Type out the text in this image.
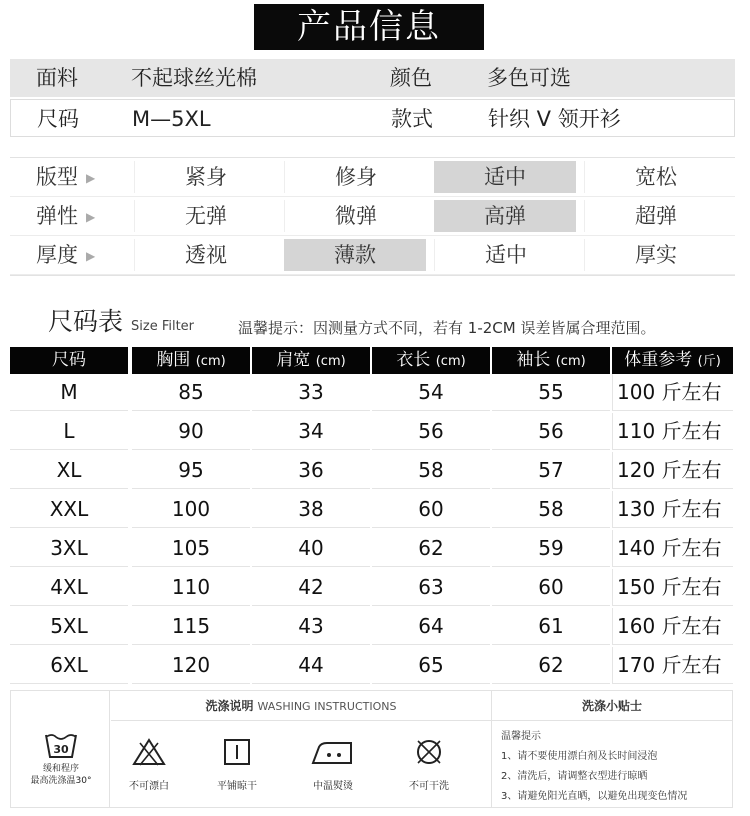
产品信息
面料	不起球丝光棉	颜色	多色可选
尺码	M—5XL	款式	针织 V 领开衫
版型 ▶	紧身	修身	适中	宽松
弹性 ▶	无弹	微弹	高弹	超弹
厚度 ▶	透视	薄款	适中	厚实
尺码表 Size Filter	温馨提示：因测量方式不同，若有 1-2CM 误差皆属合理范围。
尺码	胸围 (cm)	肩宽 (cm)	衣长 (cm)	袖长 (cm)	体重参考 (斤)
M	85	33	54	55	100 斤左右
L	90	34	56	56	110 斤左右
XL	95	36	58	57	120 斤左右
XXL	100	38	60	58	130 斤左右
3XL	105	40	62	59	140 斤左右
4XL	110	42	63	60	150 斤左右
5XL	115	43	64	61	160 斤左右
6XL	120	44	65	62	170 斤左右
洗涤说明 WASHING INSTRUCTIONS	洗涤小贴士
30
缓和程序
最高洗涤温30°	不可漂白	平铺晾干	中温熨烫	不可干洗
温馨提示
1、请不要使用漂白剂及长时间浸泡
2、清洗后，请调整衣型进行晾晒
3、请避免阳光直晒，以避免出现变色情况
